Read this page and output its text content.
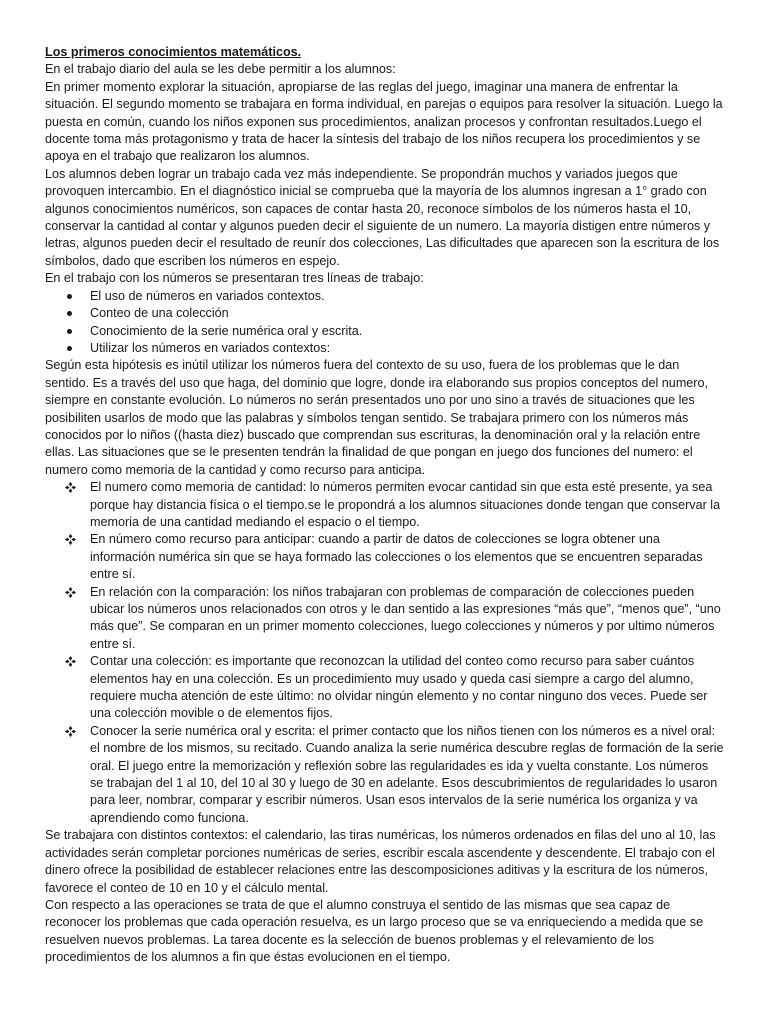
Los primeros conocimientos matemáticos.

En el trabajo diario del aula se les debe permitir a los alumnos:

En primer momento explorar la situación, apropiarse de las reglas del juego, imaginar una manera de enfrentar la situación. El segundo momento se trabajara en forma individual, en parejas o equipos para resolver la situación. Luego la puesta en común, cuando los niños exponen sus procedimientos, analizan procesos y confrontan resultados.Luego el docente toma más protagonismo y trata de hacer la síntesis del trabajo de los niños recupera los procedimientos y se apoya en el trabajo que realizaron los alumnos.

Los alumnos deben lograr un trabajo cada vez más independiente. Se propondrán muchos y variados juegos que provoquen intercambio. En el diagnóstico inicial se comprueba que la mayoría de los alumnos ingresan a 1° grado con algunos conocimientos numéricos, son capaces de contar hasta 20, reconoce símbolos de los números hasta el 10, conservar la cantidad al contar y algunos pueden decir el siguiente de un numero. La mayoría distigen entre números y letras, algunos pueden decir el resultado de reunír dos colecciones, Las dificultades que aparecen son la escritura de los símbolos, dado que escriben los números en espejo.

En el trabajo con los números se presentaran tres líneas de trabajo:

El uso de números en variados contextos.
Conteo de una colección
Conocimiento de la serie numérica oral y escrita.
Utilizar los números en variados contextos:

Según esta hipótesis es inútil utilizar los números fuera del contexto de su uso, fuera de los problemas que le dan sentido. Es a través del uso que haga, del dominio que logre, donde ira elaborando sus propios conceptos del numero, siempre en constante evolución. Lo números no serán presentados uno por uno sino a través de situaciones que les posibiliten usarlos de modo que las palabras y símbolos tengan sentido. Se trabajara primero con los números más conocidos por lo niños ((hasta diez) buscado que comprendan sus escrituras, la denominación oral y la relación entre ellas. Las situaciones que se le presenten tendrán la finalidad de que pongan en juego dos funciones del numero: el numero como memoria de la cantidad y como recurso para anticipa.

El numero como memoria de cantidad: lo números permiten evocar cantidad sin que esta esté presente, ya sea porque hay distancia física o el tiempo.se le propondrá a los alumnos situaciones donde tengan que conservar la memoria de una cantidad mediando el espacio o el tiempo.
En número como recurso para anticipar: cuando a partir de datos de colecciones se logra obtener una información numérica sin que se haya formado las colecciones o los elementos que se encuentren separadas entre sí.
En relación con la comparación: los niños trabajaran con problemas de comparación de colecciones pueden ubicar los números unos relacionados con otros y le dan sentido a las expresiones “más que”, “menos que”, “uno más que”. Se comparan en un primer momento colecciones, luego colecciones y números y por ultimo números entre sí.
Contar una colección: es importante que reconozcan la utilidad del conteo como recurso para saber cuántos elementos hay en una colección. Es un procedimiento muy usado y queda casi siempre a cargo del alumno, requiere mucha atención de este último: no olvidar ningún elemento y no contar ninguno dos veces. Puede ser una colección movible o de elementos fijos.
Conocer la serie numérica oral y escrita: el primer contacto que los niños tienen con los números es a nivel oral: el nombre de los mismos, su recitado. Cuando analiza la serie numérica descubre reglas de formación de la serie oral. El juego entre la memorización y reflexión sobre las regularidades es ida y vuelta constante. Los números se trabajan del 1 al 10, del 10 al 30 y luego de 30 en adelante. Esos descubrimientos de regularidades lo usaron para leer, nombrar, comparar y escribir números. Usan esos intervalos de la serie numérica los organiza y va aprendiendo como funciona.

Se trabajara con distintos contextos: el calendario, las tiras numéricas, los números ordenados en filas del uno al 10, las actividades serán completar porciones numéricas de series, escribir escala ascendente y descendente. El trabajo con el dinero ofrece la posibilidad de establecer relaciones entre las descomposiciones aditivas y la escritura de los números, favorece el conteo de 10 en 10 y el cálculo mental.

Con respecto a las operaciones se trata de que el alumno construya el sentido de las mismas que sea capaz de reconocer los problemas que cada operación resuelva, es un largo proceso que se va enriqueciendo a medida que se resuelven nuevos problemas. La tarea docente es la selección de buenos problemas y el relevamiento de los procedimientos de los alumnos a fin que éstas evolucionen en el tiempo.
